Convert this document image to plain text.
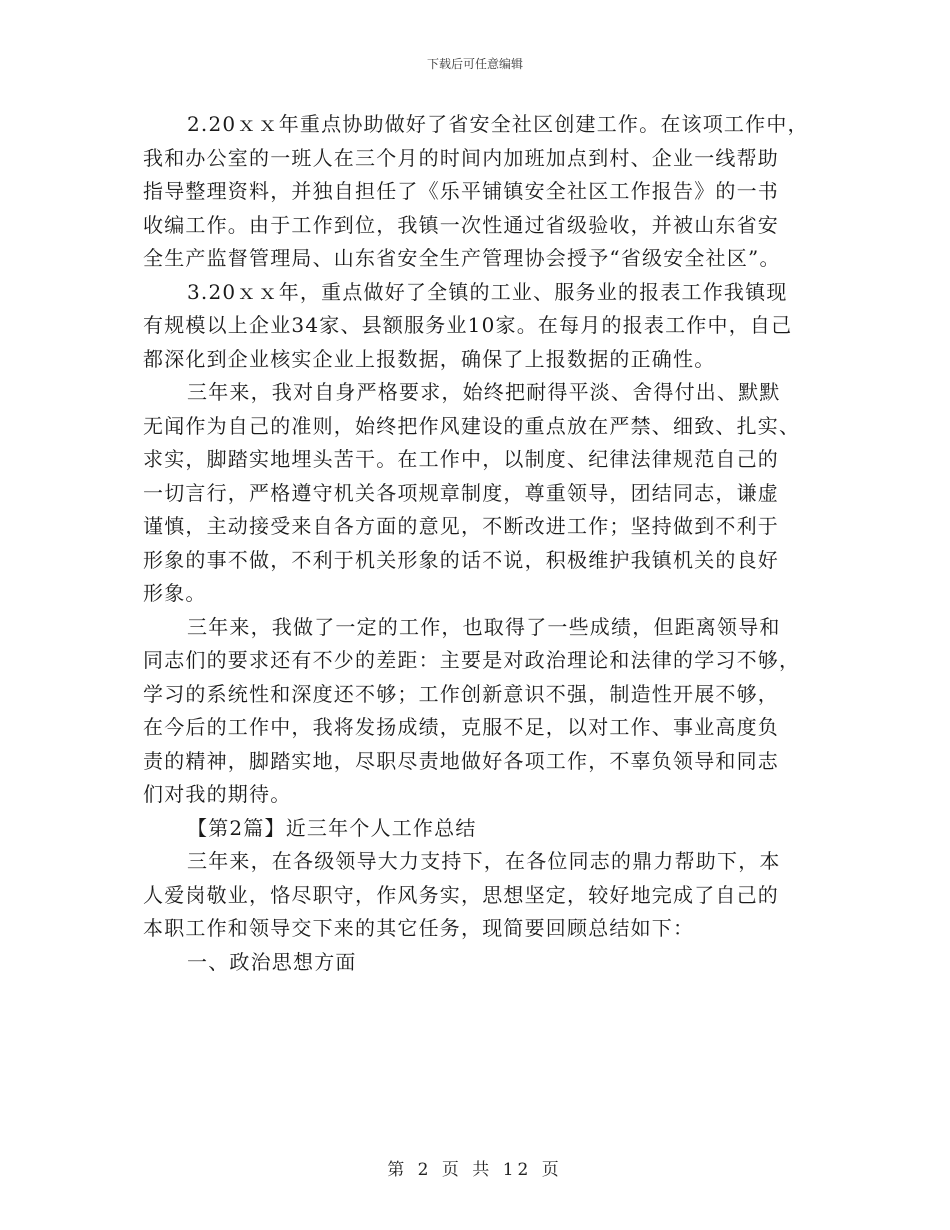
下载后可任意编辑
2.20ｘｘ年重点协助做好了省安全社区创建工作。在该项工作中，
我和办公室的一班人在三个月的时间内加班加点到村、企业一线帮助
指导整理资料，并独自担任了《乐平铺镇安全社区工作报告》的一书
收编工作。由于工作到位，我镇一次性通过省级验收，并被山东省安
全生产监督管理局、山东省安全生产管理协会授予“省级安全社区”。
3.20ｘｘ年，重点做好了全镇的工业、服务业的报表工作我镇现
有规模以上企业34家、县额服务业10家。在每月的报表工作中，自己
都深化到企业核实企业上报数据，确保了上报数据的正确性。
三年来，我对自身严格要求，始终把耐得平淡、舍得付出、默默
无闻作为自己的准则，始终把作风建设的重点放在严禁、细致、扎实、
求实，脚踏实地埋头苦干。在工作中，以制度、纪律法律规范自己的
一切言行，严格遵守机关各项规章制度，尊重领导，团结同志，谦虚
谨慎，主动接受来自各方面的意见，不断改进工作；坚持做到不利于
形象的事不做，不利于机关形象的话不说，积极维护我镇机关的良好
形象。
三年来，我做了一定的工作，也取得了一些成绩，但距离领导和
同志们的要求还有不少的差距：主要是对政治理论和法律的学习不够，
学习的系统性和深度还不够；工作创新意识不强，制造性开展不够，
在今后的工作中，我将发扬成绩，克服不足，以对工作、事业高度负
责的精神，脚踏实地，尽职尽责地做好各项工作，不辜负领导和同志
们对我的期待。
【第2篇】近三年个人工作总结
三年来，在各级领导大力支持下，在各位同志的鼎力帮助下，本
人爱岗敬业，恪尽职守，作风务实，思想坚定，较好地完成了自己的
本职工作和领导交下来的其它任务，现简要回顾总结如下：
一、政治思想方面
第 2 页 共 12 页
